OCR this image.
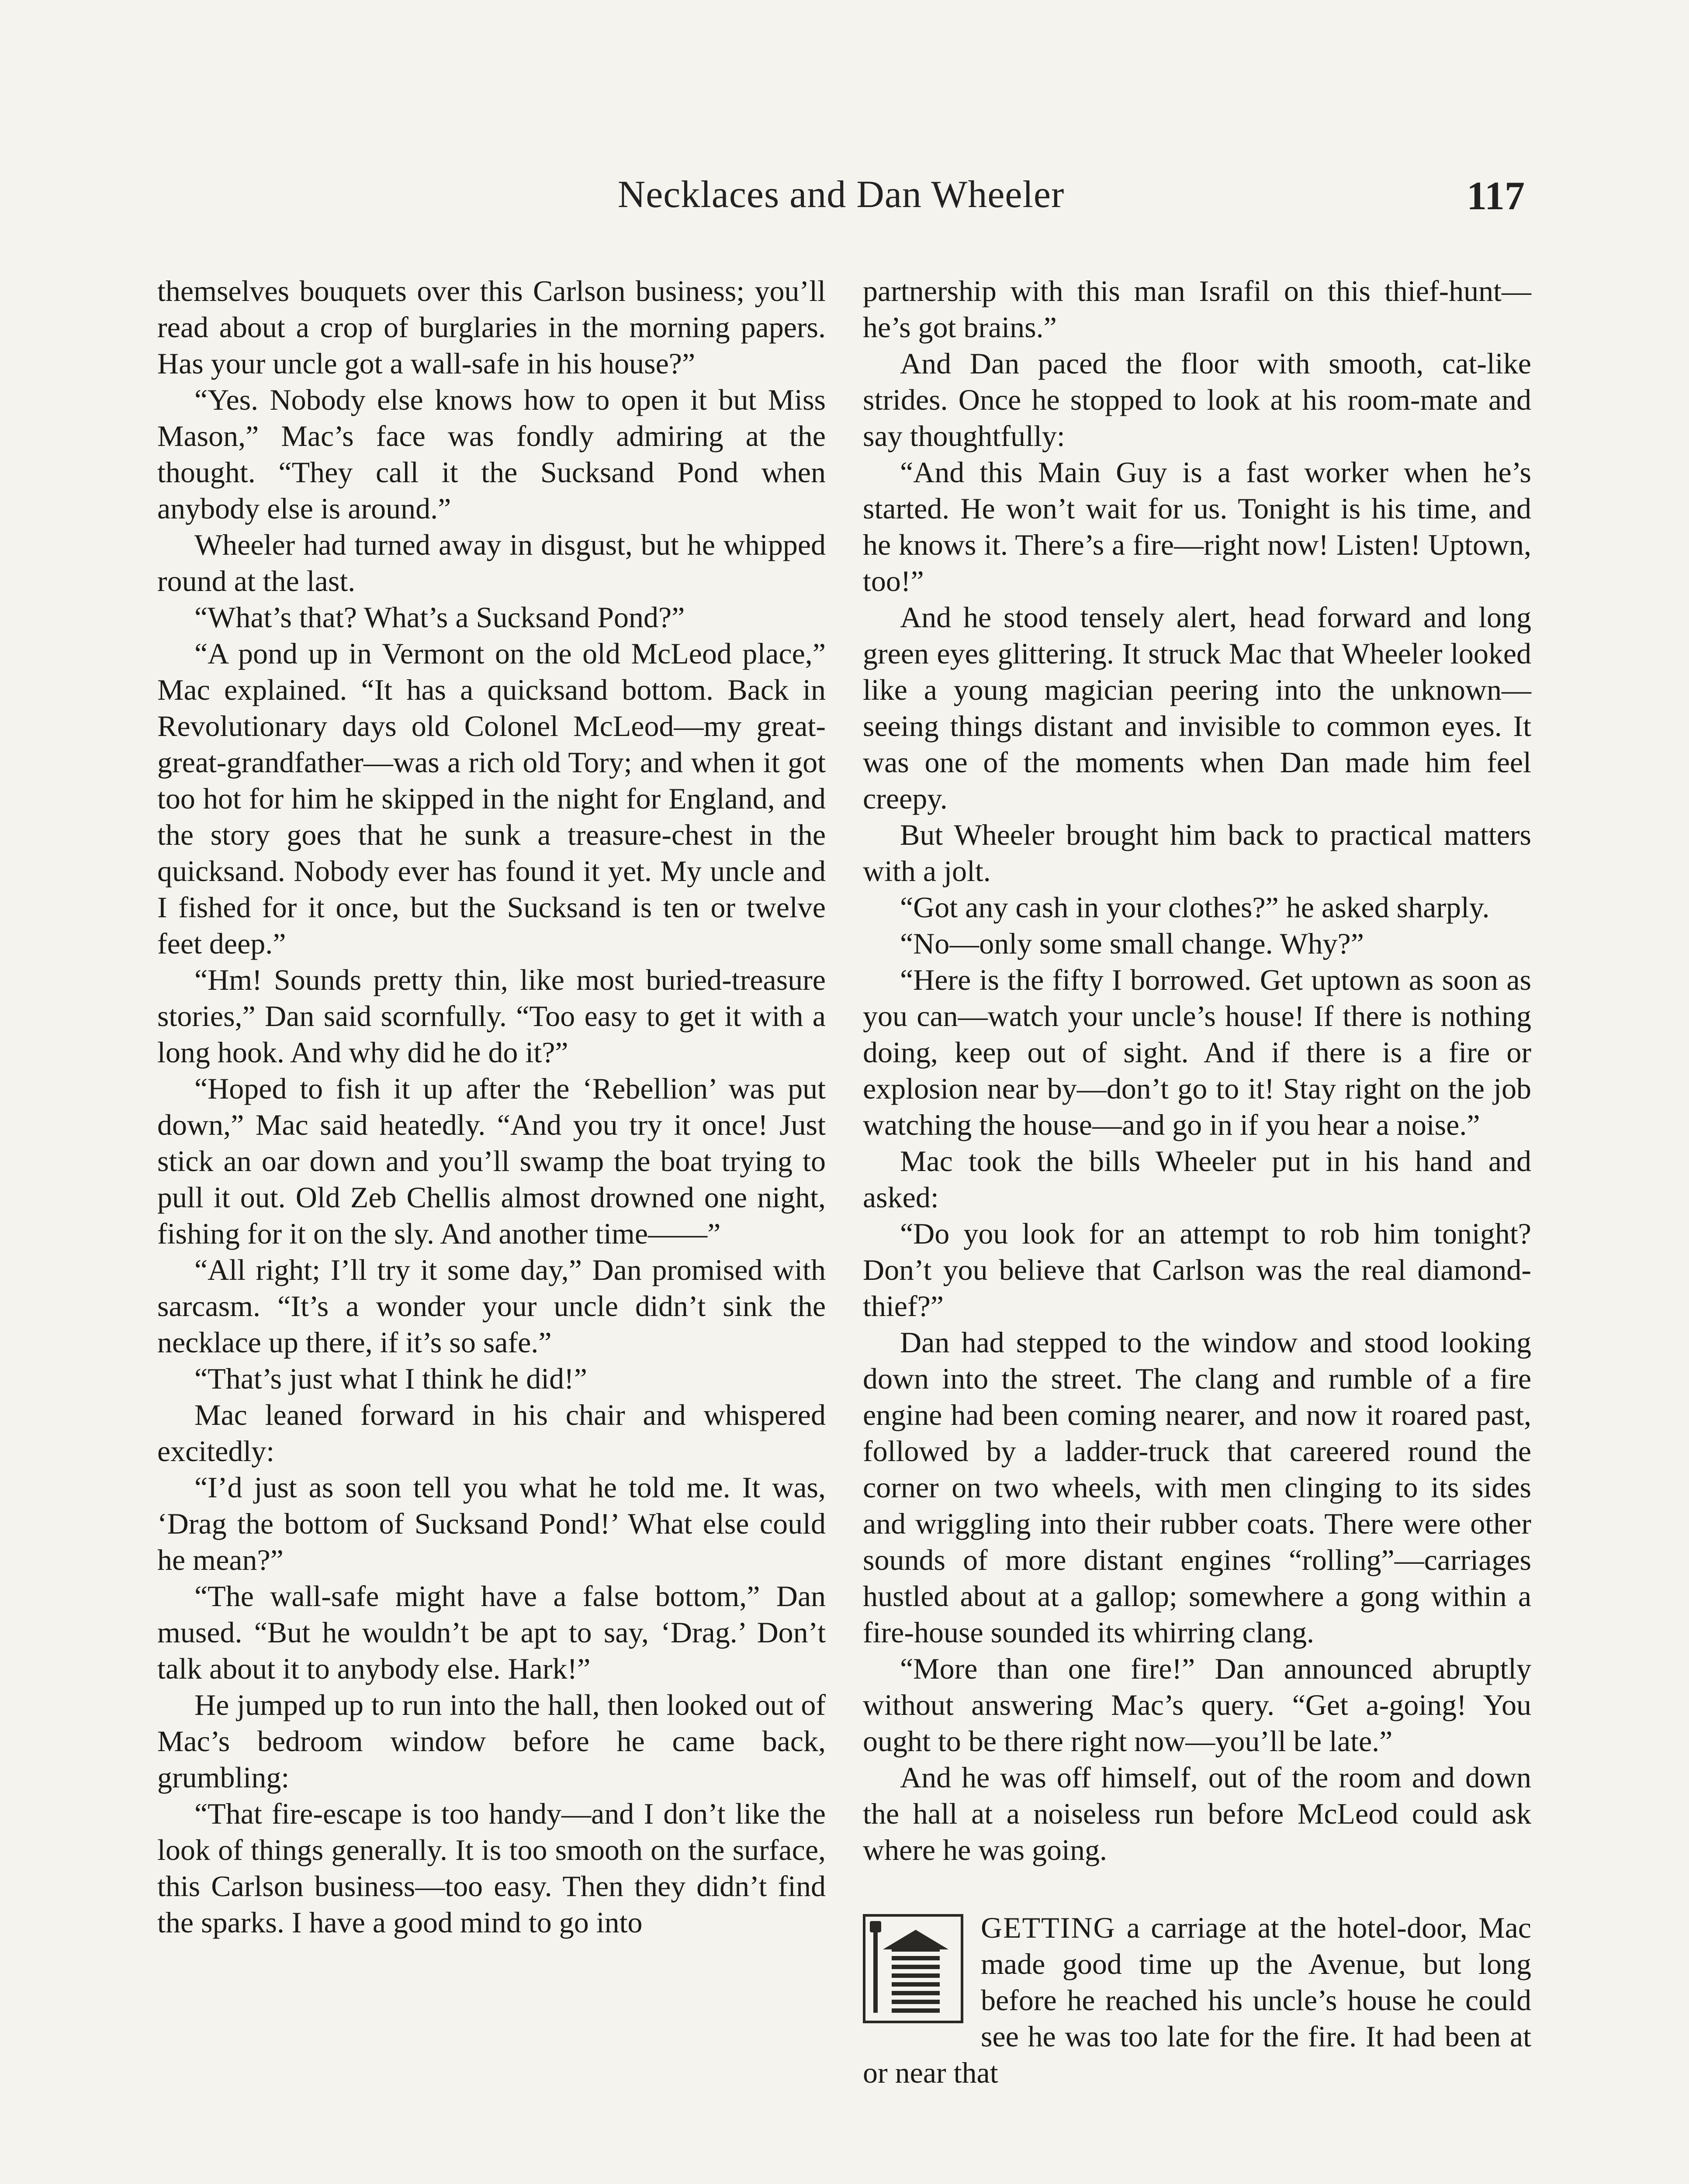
Necklaces and Dan Wheeler	117

themselves bouquets over this Carlson business; you’ll read about a crop of burglaries in the morning papers. Has your uncle got a wall-safe in his house?”

“Yes. Nobody else knows how to open it but Miss Mason,” Mac’s face was fondly admiring at the thought. “They call it the Sucksand Pond when anybody else is around.”

Wheeler had turned away in disgust, but he whipped round at the last.

“What’s that? What’s a Sucksand Pond?”

“A pond up in Vermont on the old McLeod place,” Mac explained. “It has a quicksand bottom. Back in Revolutionary days old Colonel McLeod—my great-great-grandfather—was a rich old Tory; and when it got too hot for him he skipped in the night for England, and the story goes that he sunk a treasure-chest in the quicksand. Nobody ever has found it yet. My uncle and I fished for it once, but the Sucksand is ten or twelve feet deep.”

“Hm! Sounds pretty thin, like most buried-treasure stories,” Dan said scornfully. “Too easy to get it with a long hook. And why did he do it?”

“Hoped to fish it up after the ‘Rebellion’ was put down,” Mac said heatedly. “And you try it once! Just stick an oar down and you’ll swamp the boat trying to pull it out. Old Zeb Chellis almost drowned one night, fishing for it on the sly. And another time——”

“All right; I’ll try it some day,” Dan promised with sarcasm. “It’s a wonder your uncle didn’t sink the necklace up there, if it’s so safe.”

“That’s just what I think he did!”

Mac leaned forward in his chair and whispered excitedly:

“I’d just as soon tell you what he told me. It was, ‘Drag the bottom of Sucksand Pond!’ What else could he mean?”

“The wall-safe might have a false bottom,” Dan mused. “But he wouldn’t be apt to say, ‘Drag.’ Don’t talk about it to anybody else. Hark!”

He jumped up to run into the hall, then looked out of Mac’s bedroom window before he came back, grumbling:

“That fire-escape is too handy—and I don’t like the look of things generally. It is too smooth on the surface, this Carlson business—too easy. Then they didn’t find the sparks. I have a good mind to go into

partnership with this man Israfil on this thief-hunt—he’s got brains.”

And Dan paced the floor with smooth, cat-like strides. Once he stopped to look at his room-mate and say thoughtfully:

“And this Main Guy is a fast worker when he’s started. He won’t wait for us. Tonight is his time, and he knows it. There’s a fire—right now! Listen! Uptown, too!”

And he stood tensely alert, head forward and long green eyes glittering. It struck Mac that Wheeler looked like a young magician peering into the unknown—seeing things distant and invisible to common eyes. It was one of the moments when Dan made him feel creepy.

But Wheeler brought him back to practical matters with a jolt.

“Got any cash in your clothes?” he asked sharply.

“No—only some small change. Why?”

“Here is the fifty I borrowed. Get uptown as soon as you can—watch your uncle’s house! If there is nothing doing, keep out of sight. And if there is a fire or explosion near by—don’t go to it! Stay right on the job watching the house—and go in if you hear a noise.”

Mac took the bills Wheeler put in his hand and asked:

“Do you look for an attempt to rob him tonight? Don’t you believe that Carlson was the real diamond-thief?”

Dan had stepped to the window and stood looking down into the street. The clang and rumble of a fire engine had been coming nearer, and now it roared past, followed by a ladder-truck that careered round the corner on two wheels, with men clinging to its sides and wriggling into their rubber coats. There were other sounds of more distant engines “rolling”—carriages hustled about at a gallop; somewhere a gong within a fire-house sounded its whirring clang.

“More than one fire!” Dan announced abruptly without answering Mac’s query. “Get a-going! You ought to be there right now—you’ll be late.”

And he was off himself, out of the room and down the hall at a noiseless run before McLeod could ask where he was going.

GETTING a carriage at the hotel-door, Mac made good time up the Avenue, but long before he reached his uncle’s house he could see he was too late for the fire. It had been at or near that
